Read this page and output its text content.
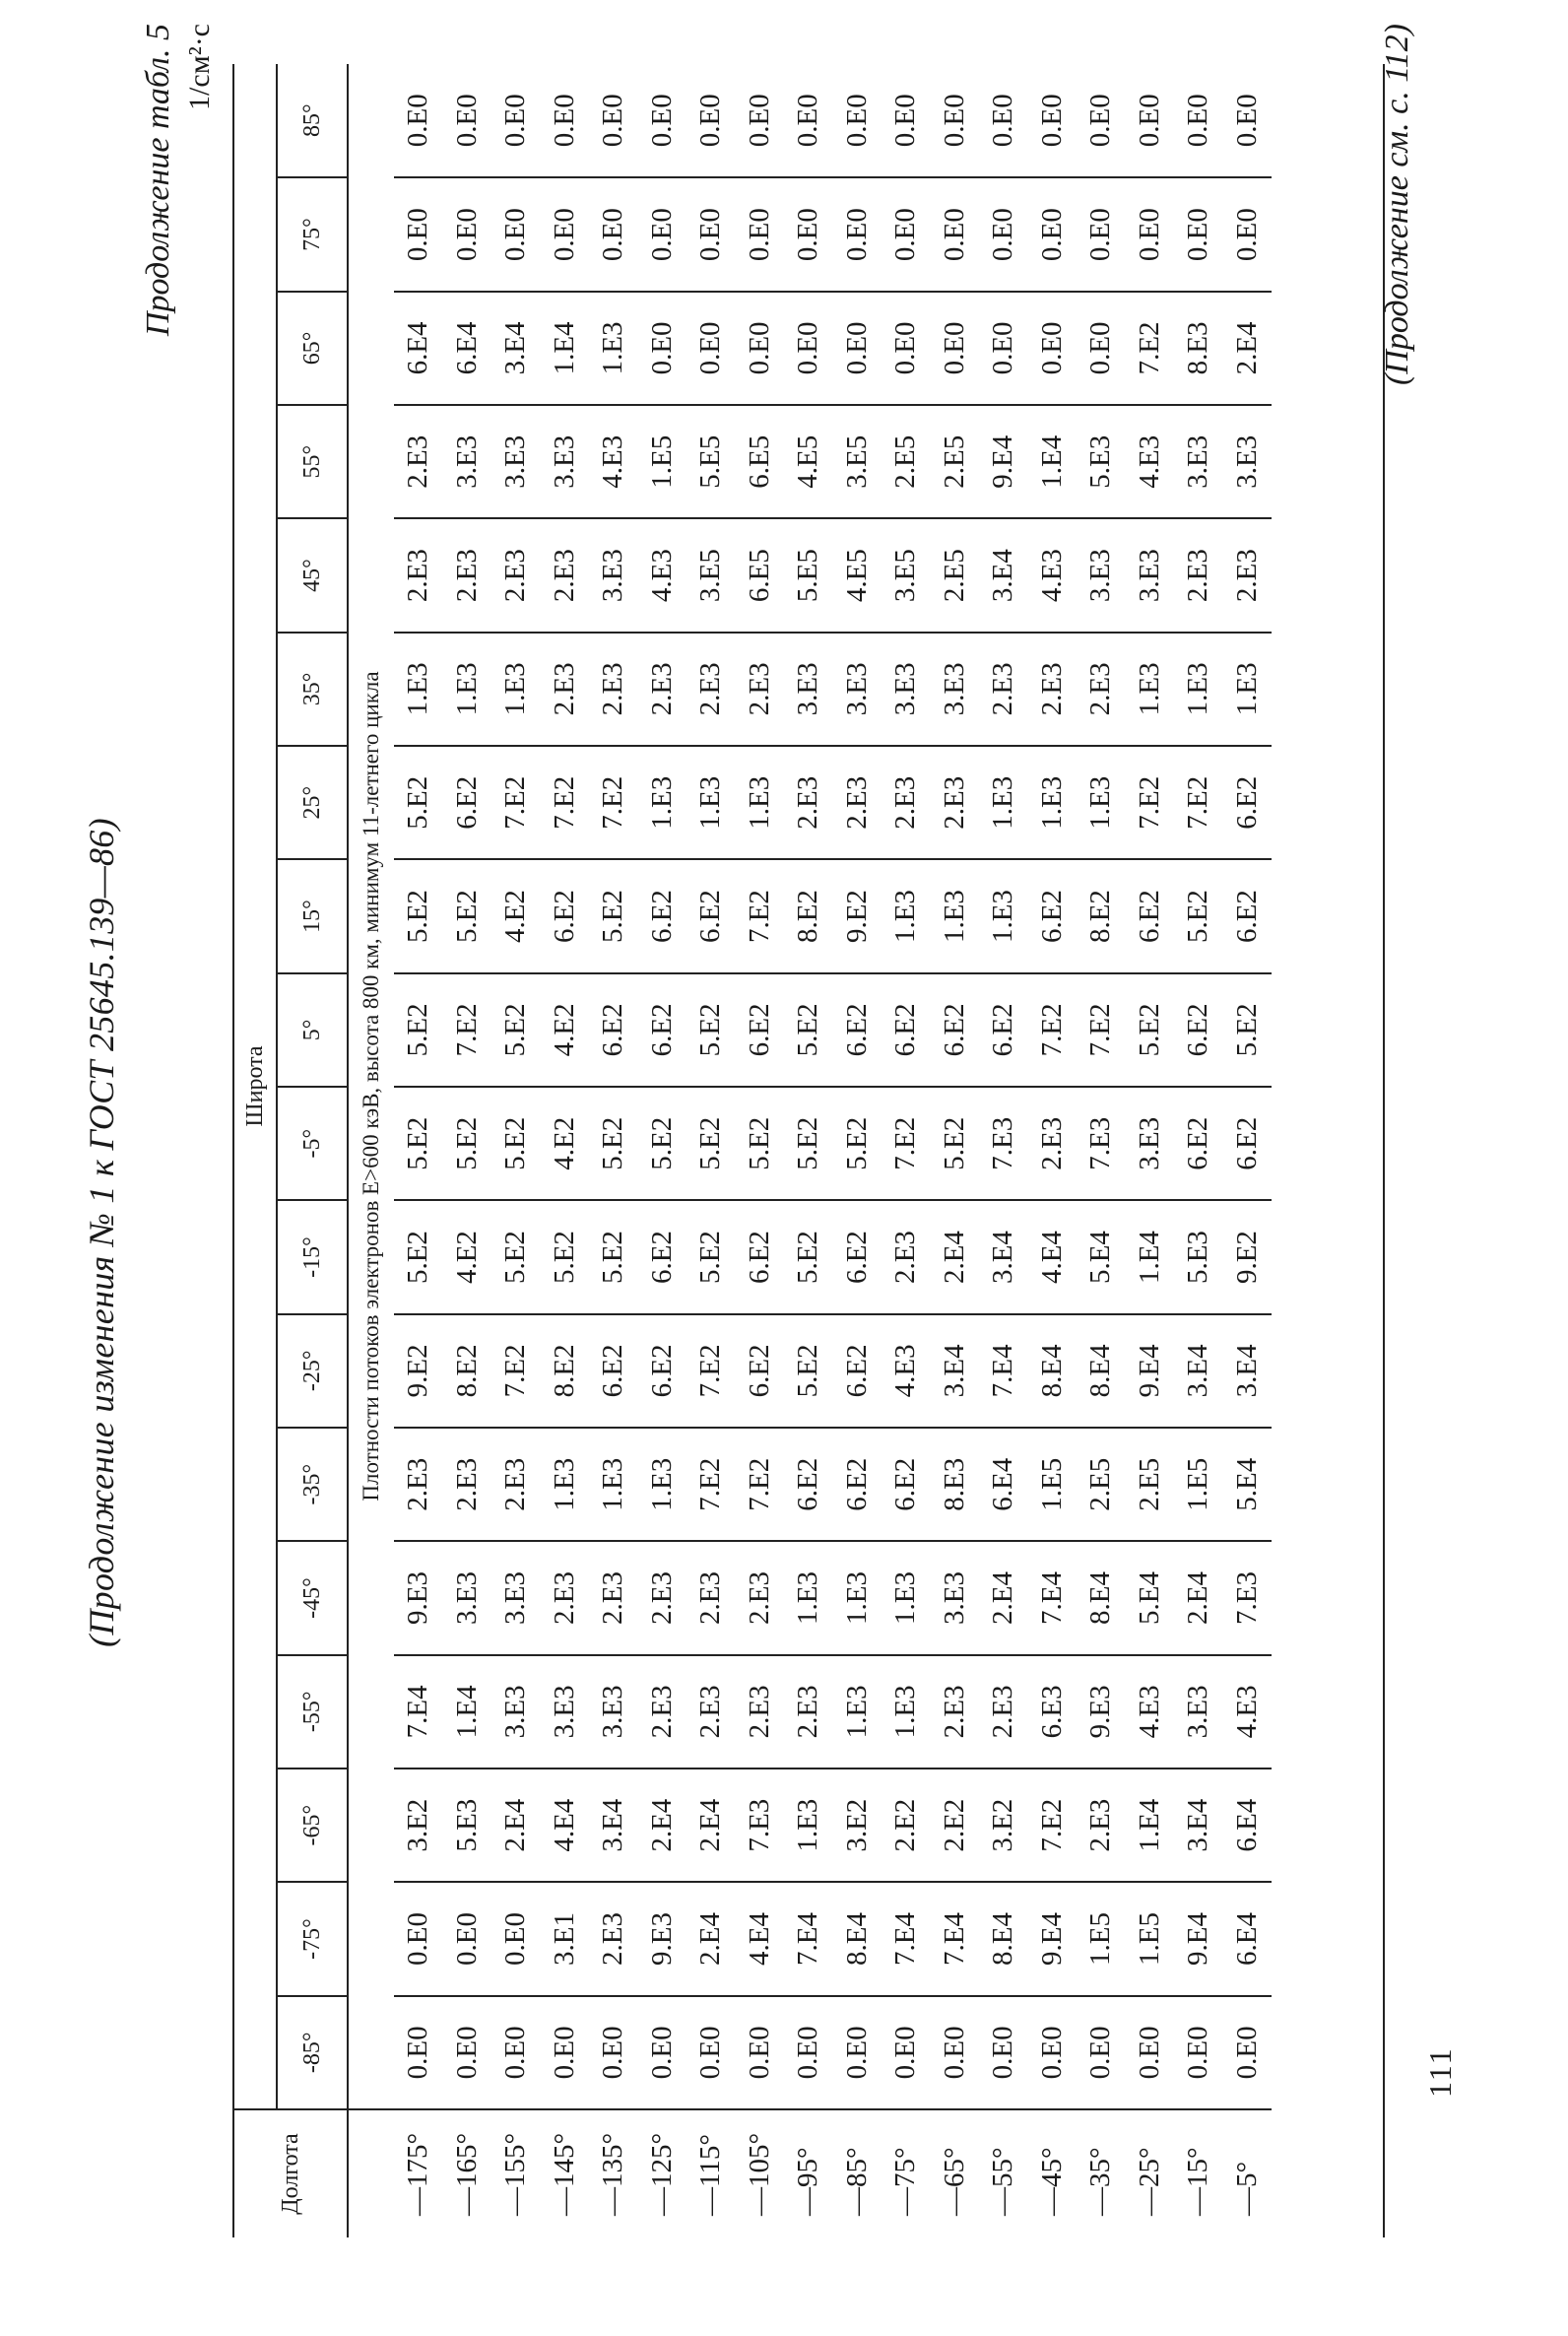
(Продолжение изменения № 1 к ГОСТ 25645.139—86)
Продолжение табл. 5 1/см²·с
Долгота	Широта																	
	-85°	-75°	-65°	-55°	-45°	-35°	-25°	-15°	-5°	5°	15°	25°	35°	45°	55°	65°	75°	85°
	Плотности потоков электронов E>600 кэВ, высота 800 км, минимум 11-летнего цикла																	
—175°	0.E0	0.E0	3.E2	7.E4	9.E3	2.E3	9.E2	5.E2	5.E2	5.E2	5.E2	5.E2	1.E3	2.E3	2.E3	6.E4	0.E0	0.E0
—165°	0.E0	0.E0	5.E3	1.E4	3.E3	2.E3	8.E2	4.E2	5.E2	7.E2	5.E2	6.E2	1.E3	2.E3	3.E3	6.E4	0.E0	0.E0
—155°	0.E0	0.E0	2.E4	3.E3	3.E3	2.E3	7.E2	5.E2	5.E2	5.E2	4.E2	7.E2	1.E3	2.E3	3.E3	3.E4	0.E0	0.E0
—145°	0.E0	3.E1	4.E4	3.E3	2.E3	1.E3	8.E2	5.E2	4.E2	4.E2	6.E2	7.E2	2.E3	2.E3	3.E3	1.E4	0.E0	0.E0
—135°	0.E0	2.E3	3.E4	3.E3	2.E3	1.E3	6.E2	5.E2	5.E2	6.E2	5.E2	7.E2	2.E3	3.E3	4.E3	1.E3	0.E0	0.E0
—125°	0.E0	9.E3	2.E4	2.E3	2.E3	1.E3	6.E2	6.E2	5.E2	6.E2	6.E2	1.E3	2.E3	4.E3	1.E5	0.E0	0.E0	0.E0
—115°	0.E0	2.E4	2.E4	2.E3	2.E3	7.E2	7.E2	5.E2	5.E2	5.E2	6.E2	1.E3	2.E3	3.E5	5.E5	0.E0	0.E0	0.E0
—105°	0.E0	4.E4	7.E3	2.E3	2.E3	7.E2	6.E2	6.E2	5.E2	6.E2	7.E2	1.E3	2.E3	6.E5	6.E5	0.E0	0.E0	0.E0
—95°	0.E0	7.E4	1.E3	2.E3	1.E3	6.E2	5.E2	5.E2	5.E2	5.E2	8.E2	2.E3	3.E3	5.E5	4.E5	0.E0	0.E0	0.E0
—85°	0.E0	8.E4	3.E2	1.E3	1.E3	6.E2	6.E2	6.E2	5.E2	6.E2	9.E2	2.E3	3.E3	4.E5	3.E5	0.E0	0.E0	0.E0
—75°	0.E0	7.E4	2.E2	1.E3	1.E3	6.E2	4.E3	2.E3	7.E2	6.E2	1.E3	2.E3	3.E3	3.E5	2.E5	0.E0	0.E0	0.E0
—65°	0.E0	7.E4	2.E2	2.E3	3.E3	8.E3	3.E4	2.E4	5.E2	6.E2	1.E3	2.E3	3.E3	2.E5	2.E5	0.E0	0.E0	0.E0
—55°	0.E0	8.E4	3.E2	2.E3	2.E4	6.E4	7.E4	3.E4	7.E3	6.E2	1.E3	1.E3	2.E3	3.E4	9.E4	0.E0	0.E0	0.E0
—45°	0.E0	9.E4	7.E2	6.E3	7.E4	1.E5	8.E4	4.E4	2.E3	7.E2	6.E2	1.E3	2.E3	4.E3	1.E4	0.E0	0.E0	0.E0
—35°	0.E0	1.E5	2.E3	9.E3	8.E4	2.E5	8.E4	5.E4	7.E3	7.E2	8.E2	1.E3	2.E3	3.E3	5.E3	0.E0	0.E0	0.E0
—25°	0.E0	1.E5	1.E4	4.E3	5.E4	2.E5	9.E4	1.E4	3.E3	5.E2	6.E2	7.E2	1.E3	3.E3	4.E3	7.E2	0.E0	0.E0
—15°	0.E0	9.E4	3.E4	3.E3	2.E4	1.E5	3.E4	5.E3	6.E2	6.E2	5.E2	7.E2	1.E3	2.E3	3.E3	8.E3	0.E0	0.E0
—5°	0.E0	6.E4	6.E4	4.E3	7.E3	5.E4	3.E4	9.E2	6.E2	5.E2	6.E2	6.E2	1.E3	2.E3	3.E3	2.E4	0.E0	0.E0	(Продолжение см. с. 112)
111
